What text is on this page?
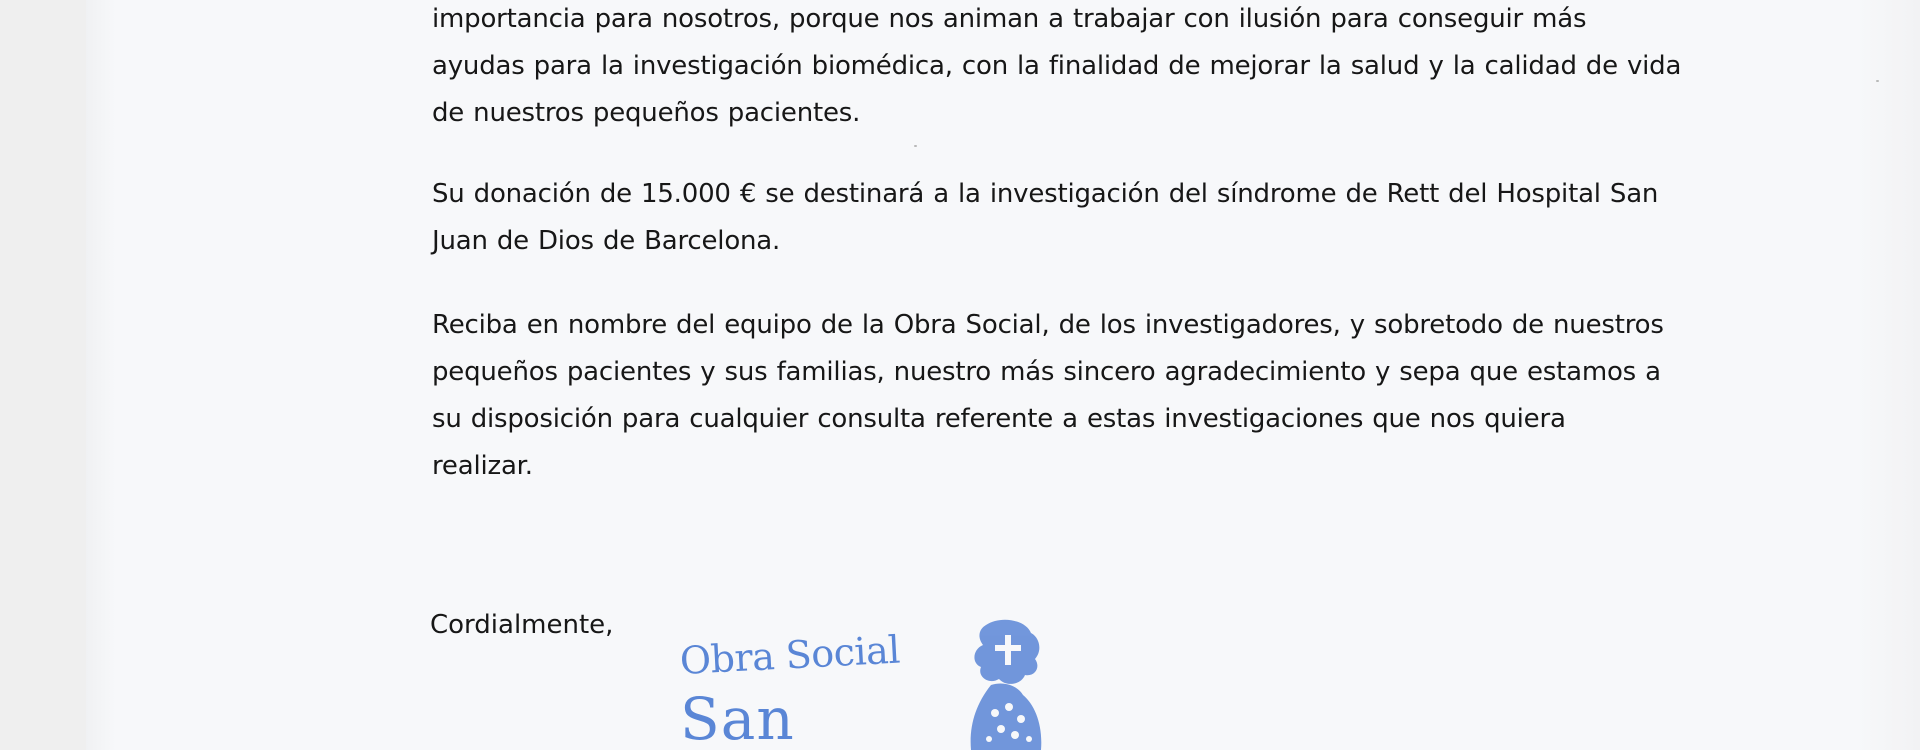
importancia para nosotros, porque nos animan a trabajar con ilusión para conseguir más
ayudas para la investigación biomédica, con la finalidad de mejorar la salud y la calidad de vida
de nuestros pequeños pacientes.
Su donación de 15.000 € se destinará a la investigación del síndrome de Rett del Hospital San
Juan de Dios de Barcelona.
Reciba en nombre del equipo de la Obra Social, de los investigadores, y sobretodo de nuestros
pequeños pacientes y sus familias, nuestro más sincero agradecimiento y sepa que estamos a
su disposición para cualquier consulta referente a estas investigaciones que nos quiera
realizar.
Cordialmente,
Obra Social
San
